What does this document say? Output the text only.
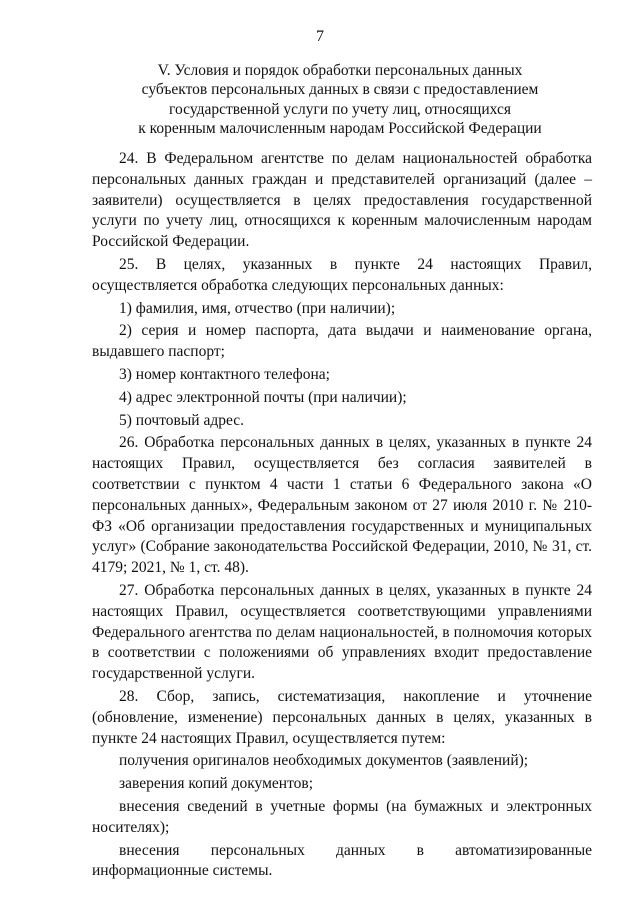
7
V. Условия и порядок обработки персональных данных
субъектов персональных данных в связи с предоставлением
государственной услуги по учету лиц, относящихся
к коренным малочисленным народам Российской Федерации

24. В Федеральном агентстве по делам национальностей обработка персональных данных граждан и представителей организаций (далее – заявители) осуществляется в целях предоставления государственной услуги по учету лиц, относящихся к коренным малочисленным народам Российской Федерации.

25. В целях, указанных в пункте 24 настоящих Правил, осуществляется обработка следующих персональных данных:

1) фамилия, имя, отчество (при наличии);

2) серия и номер паспорта, дата выдачи и наименование органа, выдавшего паспорт;

3) номер контактного телефона;

4) адрес электронной почты (при наличии);

5) почтовый адрес.

26. Обработка персональных данных в целях, указанных в пункте 24 настоящих Правил, осуществляется без согласия заявителей в соответствии с пунктом 4 части 1 статьи 6 Федерального закона «О персональных данных», Федеральным законом от 27 июля 2010 г. № 210-ФЗ «Об организации предоставления государственных и муниципальных услуг» (Собрание законодательства Российской Федерации, 2010, № 31, ст. 4179; 2021, № 1, ст. 48).

27. Обработка персональных данных в целях, указанных в пункте 24 настоящих Правил, осуществляется соответствующими управлениями Федерального агентства по делам национальностей, в полномочия которых в соответствии с положениями об управлениях входит предоставление государственной услуги.

28. Сбор, запись, систематизация, накопление и уточнение (обновление, изменение) персональных данных в целях, указанных в пункте 24 настоящих Правил, осуществляется путем:

получения оригиналов необходимых документов (заявлений);

заверения копий документов;

внесения сведений в учетные формы (на бумажных и электронных носителях);

внесения персональных данных в автоматизированные информационные системы.
